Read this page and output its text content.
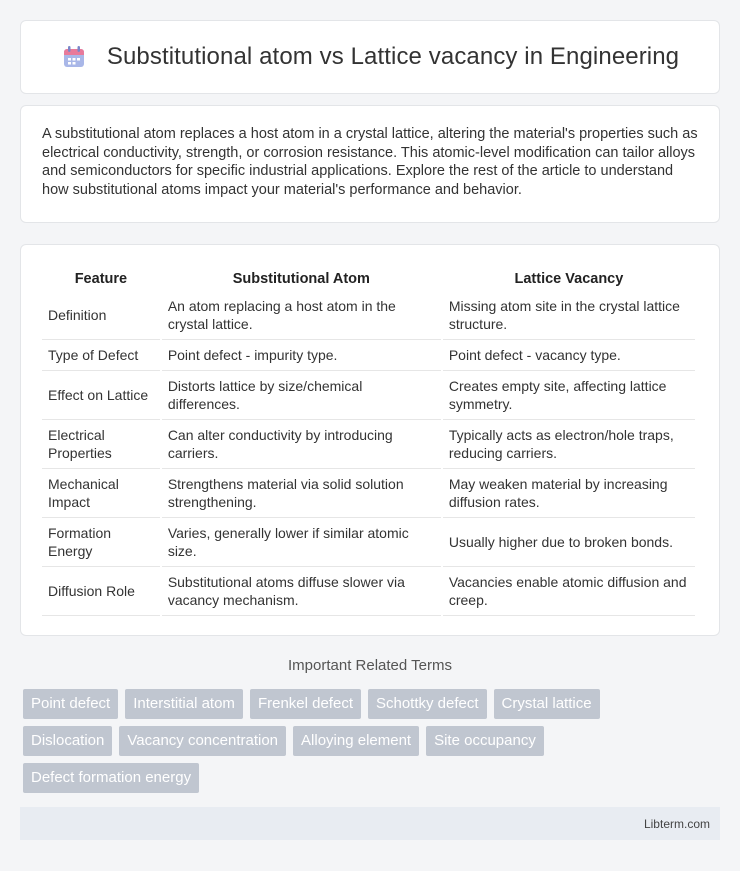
Substitutional atom vs Lattice vacancy in Engineering

A substitutional atom replaces a host atom in a crystal lattice, altering the material's properties such as electrical conductivity, strength, or corrosion resistance. This atomic-level modification can tailor alloys and semiconductors for specific industrial applications. Explore the rest of the article to understand how substitutional atoms impact your material's performance and behavior.

Feature	Substitutional Atom	Lattice Vacancy
Definition	An atom replacing a host atom in the crystal lattice.	Missing atom site in the crystal lattice structure.
Type of Defect	Point defect - impurity type.	Point defect - vacancy type.
Effect on Lattice	Distorts lattice by size/chemical differences.	Creates empty site, affecting lattice symmetry.
Electrical Properties	Can alter conductivity by introducing carriers.	Typically acts as electron/hole traps, reducing carriers.
Mechanical Impact	Strengthens material via solid solution strengthening.	May weaken material by increasing diffusion rates.
Formation Energy	Varies, generally lower if similar atomic size.	Usually higher due to broken bonds.
Diffusion Role	Substitutional atoms diffuse slower via vacancy mechanism.	Vacancies enable atomic diffusion and creep.
Important Related Terms
Point defect	Interstitial atom	Frenkel defect	Schottky defect	Crystal lattice
Dislocation	Vacancy concentration	Alloying element	Site occupancy
Defect formation energy
Libterm.com
